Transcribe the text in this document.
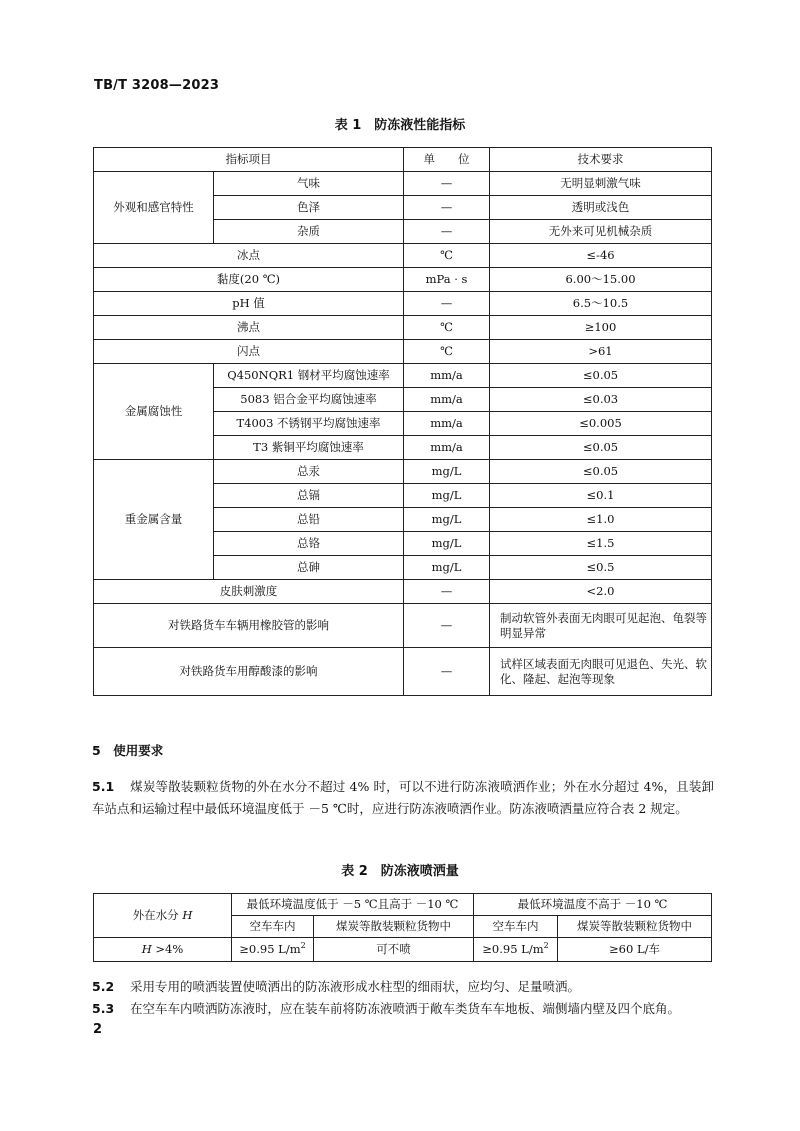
TB/T 3208—2023
表 1　防冻液性能指标
指标项目		单　　位	技术要求
外观和感官特性	气味	—	无明显刺激气味
	色泽	—	透明或浅色
	杂质	—	无外来可见机械杂质
冰点		℃	≤-46
黏度(20 ℃)		mPa · s	6.00～15.00
pH 值		—	6.5～10.5
沸点		℃	≥100
闪点		℃	>61
金属腐蚀性	Q450NQR1 钢材平均腐蚀速率	mm/a	≤0.05
	5083 铝合金平均腐蚀速率	mm/a	≤0.03
	T4003 不锈钢平均腐蚀速率	mm/a	≤0.005
	T3 紫铜平均腐蚀速率	mm/a	≤0.05
重金属含量	总汞	mg/L	≤0.05
	总镉	mg/L	≤0.1
	总铅	mg/L	≤1.0
	总铬	mg/L	≤1.5
	总砷	mg/L	≤0.5
皮肤刺激度		—	<2.0
对铁路货车车辆用橡胶管的影响		—	制动软管外表面无肉眼可见起泡、龟裂等明显异常
对铁路货车用醇酸漆的影响		—	试样区域表面无肉眼可见退色、失光、软化、隆起、起泡等现象
5　使用要求
5.1 煤炭等散装颗粒货物的外在水分不超过 4% 时，可以不进行防冻液喷洒作业；外在水分超过 4%，且装卸车站点和运输过程中最低环境温度低于 －5 ℃时，应进行防冻液喷洒作业。防冻液喷洒量应符合表 2 规定。
表 2　防冻液喷洒量
外在水分 H	最低环境温度低于 －5 ℃且高于 －10 ℃		最低环境温度不高于 －10 ℃	
	空车车内	煤炭等散装颗粒货物中	空车车内	煤炭等散装颗粒货物中
H >4%	≥0.95 $L/m^2$	可不喷	≥0.95 $L/m^2$	≥60 L/车
5.2 采用专用的喷洒装置使喷洒出的防冻液形成水柱型的细雨状，应均匀、足量喷洒。
5.3 在空车车内喷洒防冻液时，应在装车前将防冻液喷洒于敞车类货车车地板、端侧墙内壁及四个底角。
2
